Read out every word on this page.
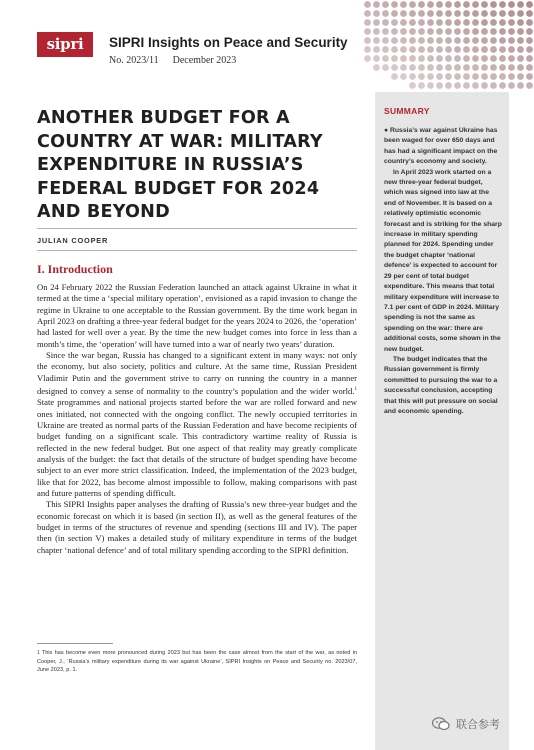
sipri	SIPRI Insights on Peace and Security
No. 2023/11 December 2023
SUMMARY

● Russia’s war against Ukraine has been waged for over 650 days and has had a significant impact on the country’s economy and society.

In April 2023 work started on a new three-year federal budget, which was signed into law at the end of November. It is based on a relatively optimistic economic forecast and is striking for the sharp increase in military spending planned for 2024. Spending under the budget chapter ‘national defence’ is expected to account for 29 per cent of total budget expenditure. This means that total military expenditure will increase to 7.1 per cent of GDP in 2024. Military spending is not the same as spending on the war: there are additional costs, some shown in the new budget.

The budget indicates that the Russian government is firmly committed to pursuing the war to a successful conclusion, accepting that this will put pressure on social and economic spending.

ANOTHER BUDGET FOR A COUNTRY AT WAR: MILITARY EXPENDITURE IN RUSSIA’S FEDERAL BUDGET FOR 2024 AND BEYOND
JULIAN COOPER
I. Introduction

On 24 February 2022 the Russian Federation launched an attack against Ukraine in what it termed at the time a ‘special military operation’, envisioned as a rapid invasion to change the regime in Ukraine to one acceptable to the Russian government. By the time work began in April 2023 on drafting a three-year federal budget for the years 2024 to 2026, the ‘operation’ had lasted for well over a year. By the time the new budget comes into force in less than a month’s time, the ‘operation’ will have turned into a war of nearly two years’ duration.

Since the war began, Russia has changed to a significant extent in many ways: not only the economy, but also society, politics and culture. At the same time, Russian President Vladimir Putin and the government strive to carry on running the country in a manner designed to convey a sense of normality to the country’s population and the wider world.$^1$ State programmes and national projects started before the war are rolled forward and new ones initiated, not connected with the ongoing conflict. The newly occupied territories in Ukraine are treated as normal parts of the Russian Federation and have become recipients of budget funding on a significant scale. This contradictory wartime reality of Russia is reflected in the new federal budget. But one aspect of that reality may greatly complicate analysis of the budget: the fact that details of the structure of budget spending have become subject to an ever more strict classification. Indeed, the implementation of the 2023 budget, like that for 2022, has become almost impossible to follow, making comparisons with past and future patterns of spending difficult.

This SIPRI Insights paper analyses the drafting of Russia’s new three-year budget and the economic forecast on which it is based (in section II), as well as the general features of the budget in terms of the structures of revenue and spending (sections III and IV). The paper then (in section V) makes a detailed study of military expenditure in terms of the budget chapter ‘national defence’ and of total military spending according to the SIPRI definition.

1 This has become even more pronounced during 2023 but has been the case almost from the start of the war, as noted in Cooper, J., ‘Russia’s military expenditure during its war against Ukraine’, SIPRI Insights on Peace and Security no. 2023/07, June 2023, p. 1.
联合参考
